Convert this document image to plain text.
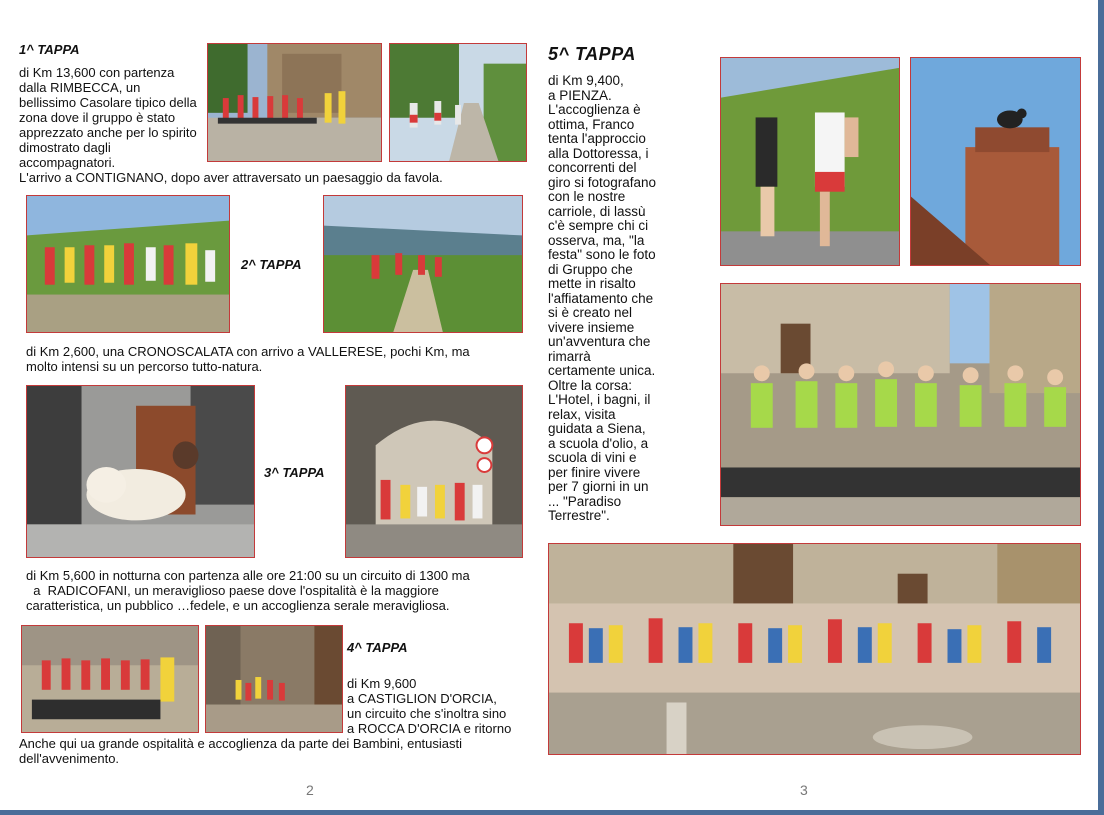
1^ TAPPA
di Km 13,600 con partenza
dalla RIMBECCA, un
bellissimo Casolare tipico della
zona dove il gruppo è stato
apprezzato anche per lo spirito
dimostrato dagli
accompagnatori.
L'arrivo a CONTIGNANO, dopo aver attraversato un paesaggio da favola.
2^ TAPPA
di Km 2,600, una CRONOSCALATA con arrivo a VALLERESE, pochi Km, ma
molto intensi su un percorso tutto-natura.
3^ TAPPA
di Km 5,600 in notturna con partenza alle ore 21:00 su un circuito di 1300 ma
a  RADICOFANI, un meraviglioso paese dove l'ospitalità è la maggiore
caratteristica, un pubblico …fedele, e un accoglienza serale meravigliosa.
4^ TAPPA
di Km 9,600
a CASTIGLION D'ORCIA,
un circuito che s'inoltra sino
a ROCCA D'ORCIA e ritorno
Anche qui ua grande ospitalità e accoglienza da parte dei Bambini, entusiasti
dell'avvenimento.
2
5^ TAPPA
di Km 9,400,
a PIENZA.
L'accoglienza è
ottima, Franco
tenta l'approccio
alla Dottoressa, i
concorrenti del
giro si fotografano
con le nostre
carriole, di lassù
c'è sempre chi ci
osserva, ma, "la
festa" sono le foto
di Gruppo che
mette in risalto
l'affiatamento che
si è creato nel
vivere insieme
un'avventura che
rimarrà
certamente unica.
Oltre la corsa:
L'Hotel, i bagni, il
relax, visita
guidata a Siena,
a scuola d'olio, a
scuola di vini e
per finire vivere
per 7 giorni in un
... "Paradiso
Terrestre".
3
